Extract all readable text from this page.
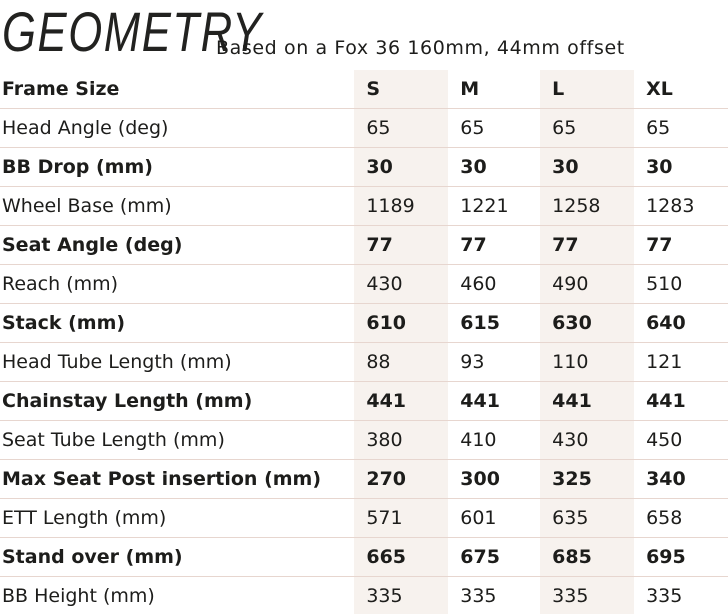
GEOMETRY
Based on a Fox 36 160mm, 44mm offset
Frame Size	S	M	L	XL
Head Angle (deg)	65	65	65	65
BB Drop (mm)	30	30	30	30
Wheel Base (mm)	1189	1221	1258	1283
Seat Angle (deg)	77	77	77	77
Reach (mm)	430	460	490	510
Stack (mm)	610	615	630	640
Head Tube Length (mm)	88	93	110	121
Chainstay Length (mm)	441	441	441	441
Seat Tube Length (mm)	380	410	430	450
Max Seat Post insertion (mm)	270	300	325	340
ETT Length (mm)	571	601	635	658
Stand over (mm)	665	675	685	695
BB Height (mm)	335	335	335	335
